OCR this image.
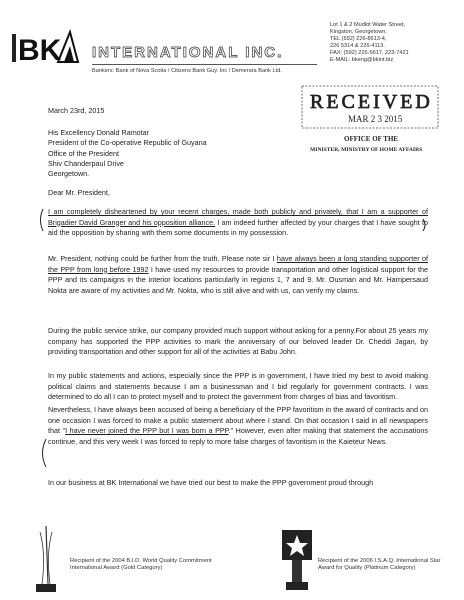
BK INTERNATIONAL INC.
Bankers: Bank of Nova Scotia / Citizens Bank Guy. Inc / Demerara Bank Ltd.
Lot 1 & 2 Mudlot Water Street,
Kingston, Georgetown.
TEL (592) 226-8613-4,
226 5314 & 226-4113.
FAX: (592) 226-5617, 223-7421
E-MAIL: bkeng@bkint.biz
RECEIVED
MAR 2 3 2015
OFFICE OF THE
MINISTER, MINISTRY OF HOME AFFAIRS
March 23rd, 2015
His Excellency Donald Ramotar
President of the Co-operative Republic of Guyana
Office of the President
Shiv Chanderpaul Drive
Georgetown.
Dear Mr. President,

I am completely disheartened by your recent charges, made both publicly and privately, that I am a supporter of Brigadier David Granger and his opposition alliance. I am indeed further affected by your charges that I have sought to aid the opposition by sharing with them some documents in my possession.

Mr. President, nothing could be further from the truth. Please note sir I have always been a long standing supporter of the PPP from long before 1992 I have used my resources to provide transportation and other logistical support for the PPP and its campaigns in the interior locations particularly in regions 1, 7 and 9. Mr. Ousman and Mr. Harripersaud Nokta are aware of my activities and Mr. Nokta, who is still alive and with us, can verify my claims.

During the public service strike, our company provided much support without asking for a penny.For about 25 years my company has supported the PPP activities to mark the anniversary of our beloved leader Dr. Cheddi Jagan, by providing transportation and other support for all of the activities at Babu John.

In my public statements and actions, especially since the PPP is in government, I have tried my best to avoid making political claims and statements because I am a businessman and I bid regularly for government contracts. I was determined to do all I can to protect myself and to protect the government from charges of bias and favoritism.

Nevertheless, I have always been accused of being a beneficiary of the PPP favoritism in the award of contracts and on one occasion I was forced to make a public statement about where I stand. On that occasion I said in all newspapers that "I have never joined the PPP but I was born a PPP." However, even after making that statement the accusations continue, and this very week I was forced to reply to more false charges of favoritism in the Kaieteur News.

In our business at BK International we have tried our best to make the PPP government proud through

Recipient of the 2004 B.I.D. World Quality Commitment International Award (Gold Category)
Recipient of the 2006 I.S.A.Q. International Star Award for Quality (Platinum Category)
